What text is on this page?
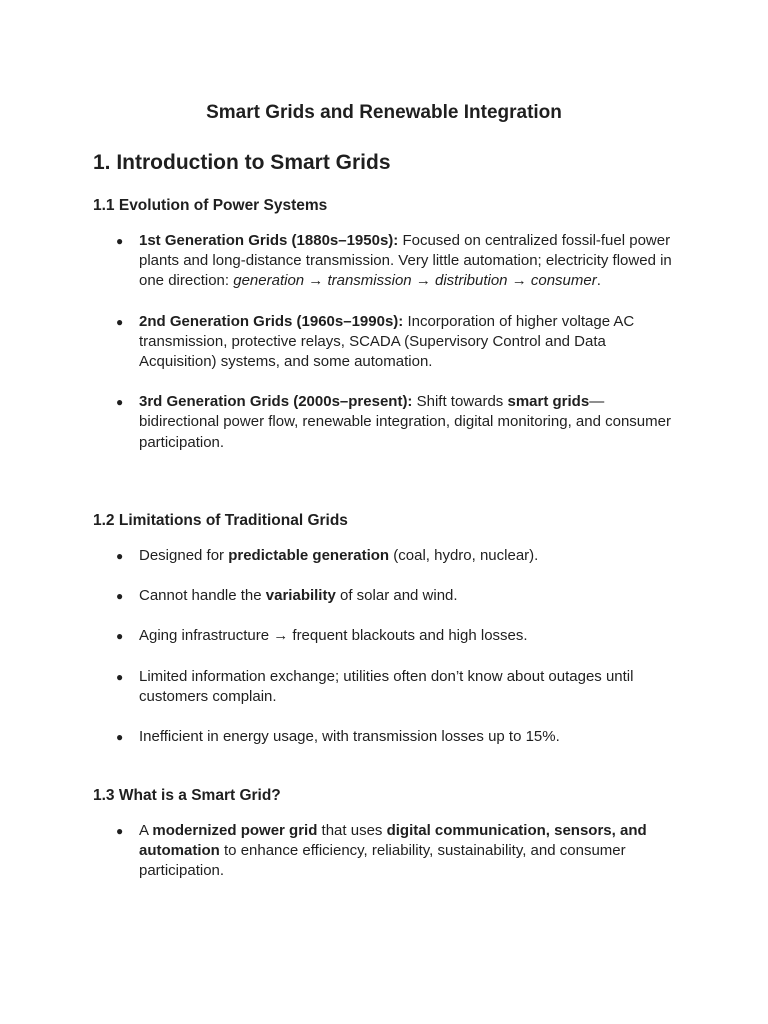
Smart Grids and Renewable Integration
1. Introduction to Smart Grids
1.1 Evolution of Power Systems
● 1st Generation Grids (1880s–1950s): Focused on centralized fossil-fuel power plants and long-distance transmission. Very little automation; electricity flowed in one direction: generation → transmission → distribution → consumer.
● 2nd Generation Grids (1960s–1990s): Incorporation of higher voltage AC transmission, protective relays, SCADA (Supervisory Control and Data Acquisition) systems, and some automation.
● 3rd Generation Grids (2000s–present): Shift towards smart grids—bidirectional power flow, renewable integration, digital monitoring, and consumer participation.
1.2 Limitations of Traditional Grids
● Designed for predictable generation (coal, hydro, nuclear).
● Cannot handle the variability of solar and wind.
● Aging infrastructure → frequent blackouts and high losses.
● Limited information exchange; utilities often don’t know about outages until customers complain.
● Inefficient in energy usage, with transmission losses up to 15%.
1.3 What is a Smart Grid?
● A modernized power grid that uses digital communication, sensors, and automation to enhance efficiency, reliability, sustainability, and consumer participation.
